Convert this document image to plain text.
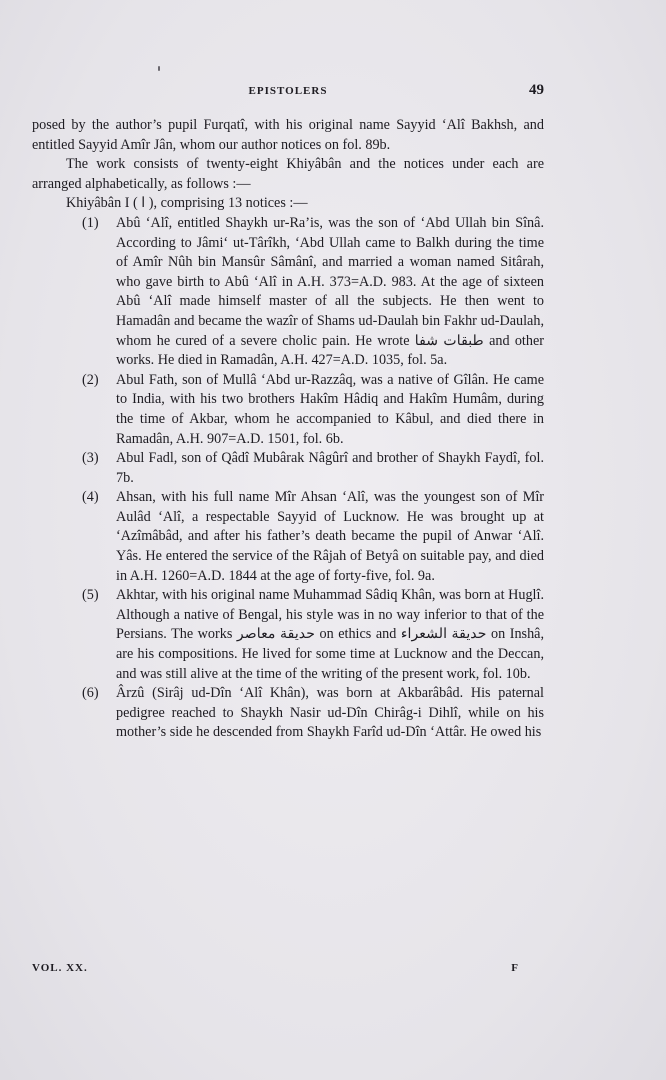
EPISTOLERS	49

posed by the author’s pupil Furqatî, with his original name Sayyid ‘Alî Bakhsh, and entitled Sayyid Amîr Jân, whom our author notices on fol. 89b.

The work consists of twenty-eight Khiyâbân and the notices under each are arranged alphabetically, as follows :—

Khiyâbân I ( ا ), comprising 13 notices :—

(1) Abû ‘Alî, entitled Shaykh ur-Ra’is, was the son of ‘Abd Ullah bin Sînâ. According to Jâmi‘ ut-Târîkh, ‘Abd Ullah came to Balkh during the time of Amîr Nûh bin Mansûr Sâmânî, and married a woman named Sitârah, who gave birth to Abû ‘Alî in A.H. 373=A.D. 983. At the age of sixteen Abû ‘Alî made himself master of all the subjects. He then went to Hamadân and became the wazîr of Shams ud-Daulah bin Fakhr ud-Daulah, whom he cured of a severe cholic pain. He wrote طبقات شفا and other works. He died in Ramadân, A.H. 427=A.D. 1035, fol. 5a.
(2) Abul Fath, son of Mullâ ‘Abd ur-Razzâq, was a native of Gîlân. He came to India, with his two brothers Hakîm Hâdiq and Hakîm Humâm, during the time of Akbar, whom he accompanied to Kâbul, and died there in Ramadân, A.H. 907=A.D. 1501, fol. 6b.
(3) Abul Fadl, son of Qâdî Mubârak Nâgûrî and brother of Shaykh Faydî, fol. 7b.
(4) Ahsan, with his full name Mîr Ahsan ‘Alî, was the youngest son of Mîr Aulâd ‘Alî, a respectable Sayyid of Lucknow. He was brought up at ‘Azîmâbâd, and after his father’s death became the pupil of Anwar ‘Alî. Yâs. He entered the service of the Râjah of Betyâ on suitable pay, and died in A.H. 1260=A.D. 1844 at the age of forty-five, fol. 9a.
(5) Akhtar, with his original name Muhammad Sâdiq Khân, was born at Huglî. Although a native of Bengal, his style was in no way inferior to that of the Persians. The works حديقة معاصر on ethics and حديقة الشعراء on Inshâ, are his compositions. He lived for some time at Lucknow and the Deccan, and was still alive at the time of the writing of the present work, fol. 10b.
(6) Ârzû (Sirâj ud-Dîn ‘Alî Khân), was born at Akbarâbâd. His paternal pedigree reached to Shaykh Nasir ud-Dîn Chirâg-i Dihlî, while on his mother’s side he descended from Shaykh Farîd ud-Dîn ‘Attâr. He owed his
VOL. XX.	F
